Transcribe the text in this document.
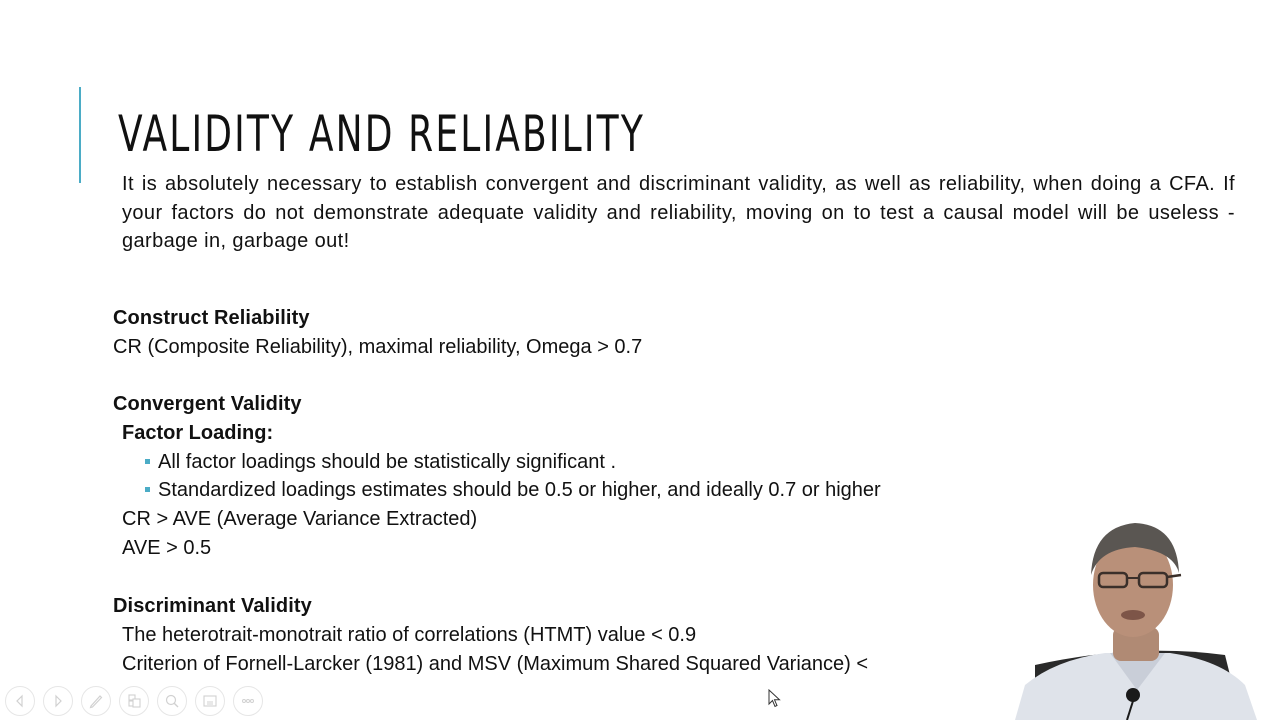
VALIDITY AND RELIABILITY
It is absolutely necessary to establish convergent and discriminant validity, as well as reliability, when doing a CFA. If your factors do not demonstrate adequate validity and reliability, moving on to test a causal model will be useless - garbage in, garbage out!
Construct Reliability
CR (Composite Reliability), maximal reliability, Omega > 0.7
Convergent Validity
Factor Loading:
All factor loadings should be statistically significant .
Standardized loadings estimates should be 0.5 or higher, and ideally 0.7 or higher
CR > AVE (Average Variance Extracted)
AVE > 0.5
Discriminant Validity
The heterotrait-monotrait ratio of correlations (HTMT) value < 0.9
Criterion of Fornell-Larcker (1981) and MSV (Maximum Shared Squared Variance) <
